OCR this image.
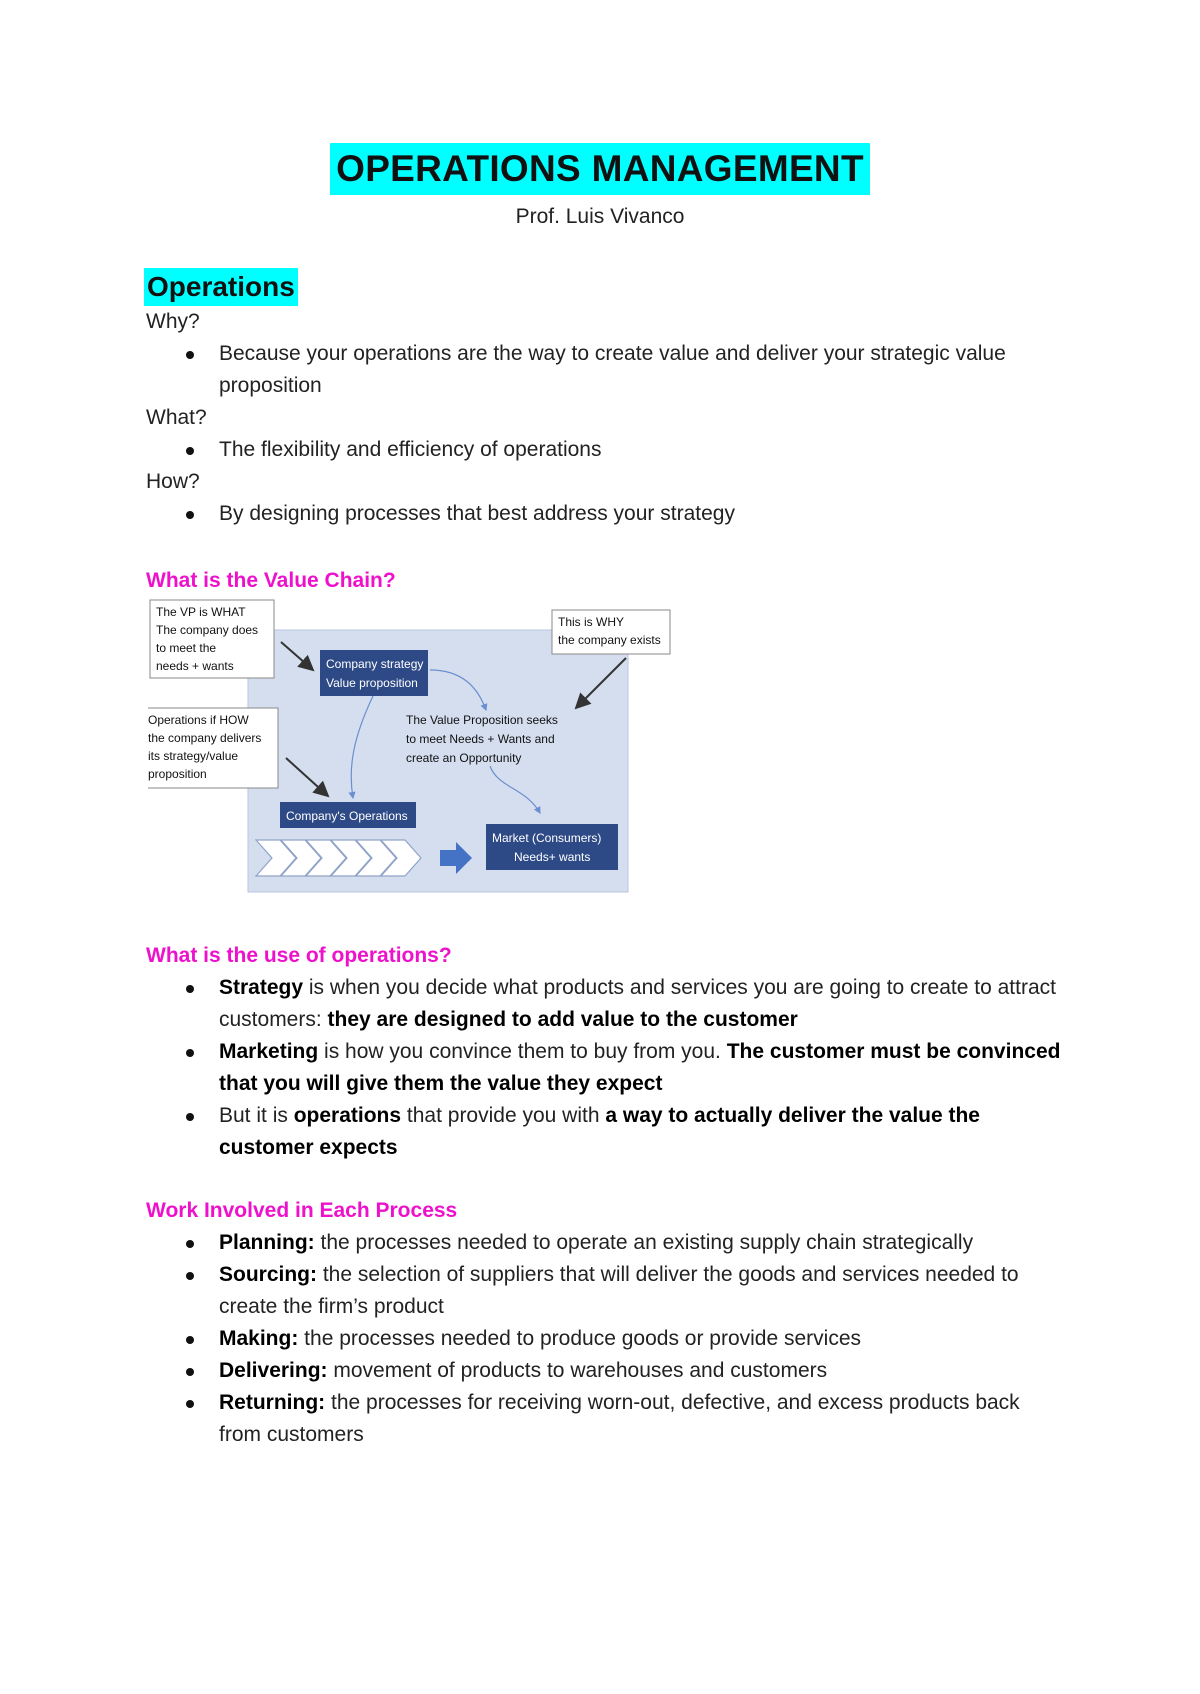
OPERATIONS MANAGEMENT
Prof. Luis Vivanco
Operations
Why?
Because your operations are the way to create value and deliver your strategic value proposition
What?
The flexibility and efficiency of operations
How?
By designing processes that best address your strategy
What is the Value Chain?
The VP is WHAT The company does to meet the needs + wants
This is WHY the company exists
Operations if HOW the company delivers its strategy/value proposition
Company strategy Value proposition
The Value Proposition seeks to meet Needs + Wants and create an Opportunity
Company's Operations
Market (Consumers) Needs+ wants
What is the use of operations?
Strategy is when you decide what products and services you are going to create to attract customers: they are designed to add value to the customer
Marketing is how you convince them to buy from you. The customer must be convinced that you will give them the value they expect
But it is operations that provide you with a way to actually deliver the value the customer expects
Work Involved in Each Process
Planning: the processes needed to operate an existing supply chain strategically
Sourcing: the selection of suppliers that will deliver the goods and services needed to create the firm’s product
Making: the processes needed to produce goods or provide services
Delivering: movement of products to warehouses and customers
Returning: the processes for receiving worn-out, defective, and excess products back from customers
